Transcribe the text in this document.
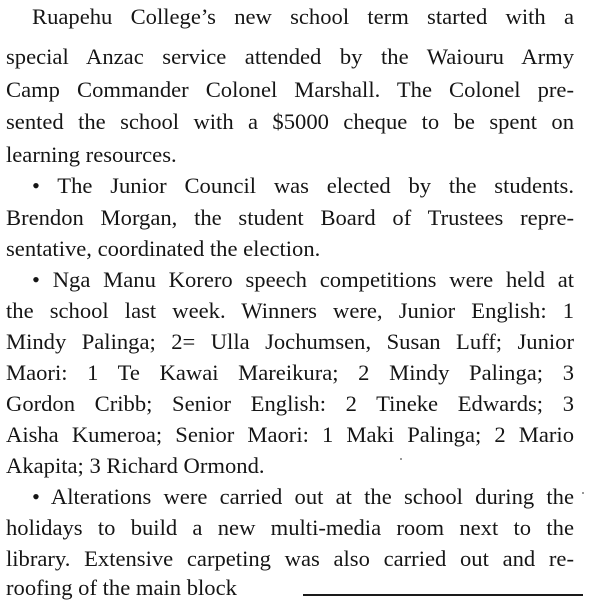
Ruapehu College’s new school term started with a
special Anzac service attended by the Waiouru Army
Camp Commander Colonel Marshall. The Colonel pre-
sented the school with a $5000 cheque to be spent on
learning resources.
• The Junior Council was elected by the students.
Brendon Morgan, the student Board of Trustees repre-
sentative, coordinated the election.
• Nga Manu Korero speech competitions were held at
the school last week. Winners were, Junior English: 1
Mindy Palinga; 2= Ulla Jochumsen, Susan Luff; Junior
Maori: 1 Te Kawai Mareikura; 2 Mindy Palinga; 3
Gordon Cribb; Senior English: 2 Tineke Edwards; 3
Aisha Kumeroa; Senior Maori: 1 Maki Palinga; 2 Mario
Akapita; 3 Richard Ormond.
• Alterations were carried out at the school during the
holidays to build a new multi-media room next to the
library. Extensive carpeting was also carried out and re-
roofing of the main block
